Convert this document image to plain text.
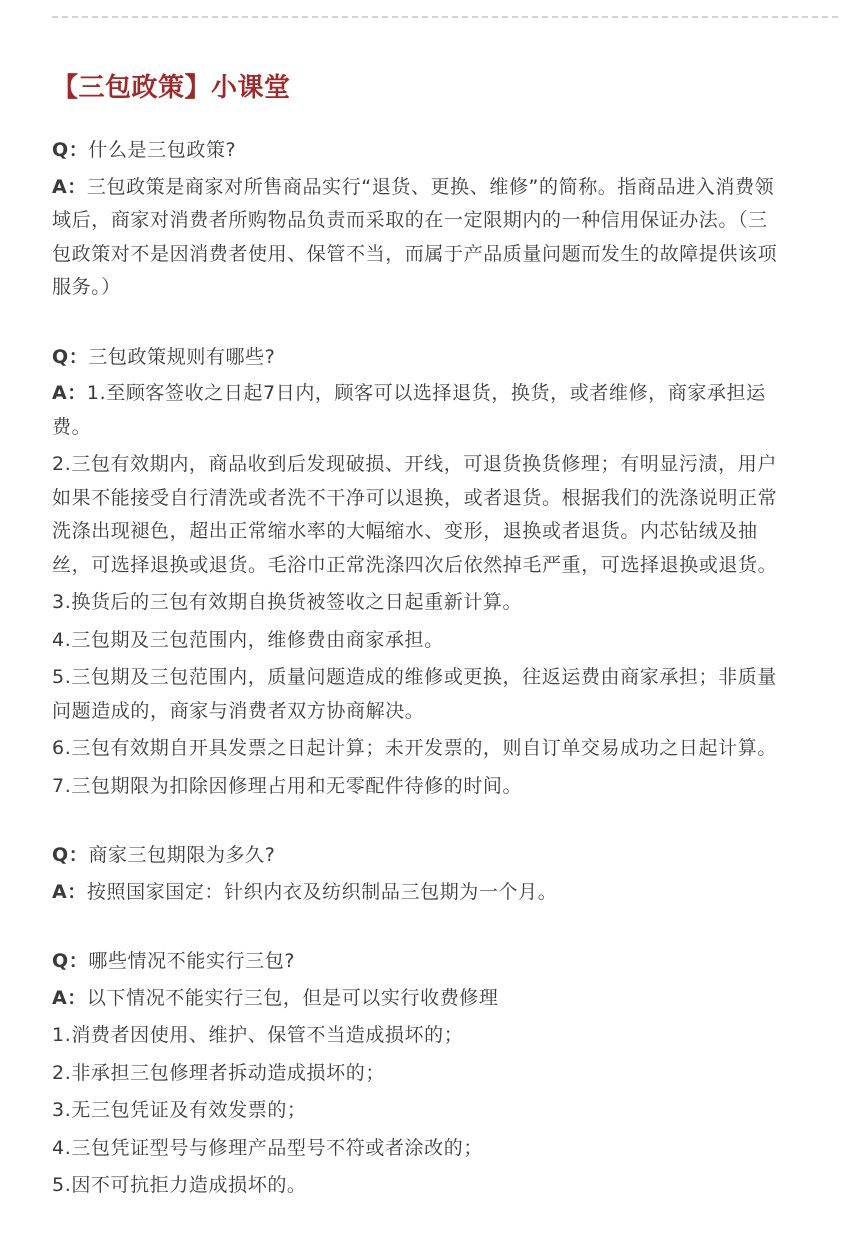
【三包政策】小课堂

Q：什么是三包政策?

A：三包政策是商家对所售商品实行“退货、更换、维修”的简称。指商品进入消费领域后，商家对消费者所购物品负责而采取的在一定限期内的一种信用保证办法。（三包政策对不是因消费者使用、保管不当，而属于产品质量问题而发生的故障提供该项服务。）

Q：三包政策规则有哪些?

A：1.至顾客签收之日起7日内，顾客可以选择退货，换货，或者维修，商家承担运费。

2.三包有效期内，商品收到后发现破损、开线，可退货换货修理；有明显污渍，用户如果不能接受自行清洗或者洗不干净可以退换，或者退货。根据我们的洗涤说明正常洗涤出现褪色，超出正常缩水率的大幅缩水、变形，退换或者退货。内芯钻绒及抽丝，可选择退换或退货。毛浴巾正常洗涤四次后依然掉毛严重，可选择退换或退货。

3.换货后的三包有效期自换货被签收之日起重新计算。

4.三包期及三包范围内，维修费由商家承担。

5.三包期及三包范围内，质量问题造成的维修或更换，往返运费由商家承担；非质量问题造成的，商家与消费者双方协商解决。

6.三包有效期自开具发票之日起计算；未开发票的，则自订单交易成功之日起计算。

7.三包期限为扣除因修理占用和无零配件待修的时间。

Q：商家三包期限为多久?

A：按照国家国定：针织内衣及纺织制品三包期为一个月。

Q：哪些情况不能实行三包?

A：以下情况不能实行三包，但是可以实行收费修理

1.消费者因使用、维护、保管不当造成损坏的；

2.非承担三包修理者拆动造成损坏的；

3.无三包凭证及有效发票的；

4.三包凭证型号与修理产品型号不符或者涂改的；

5.因不可抗拒力造成损坏的。
